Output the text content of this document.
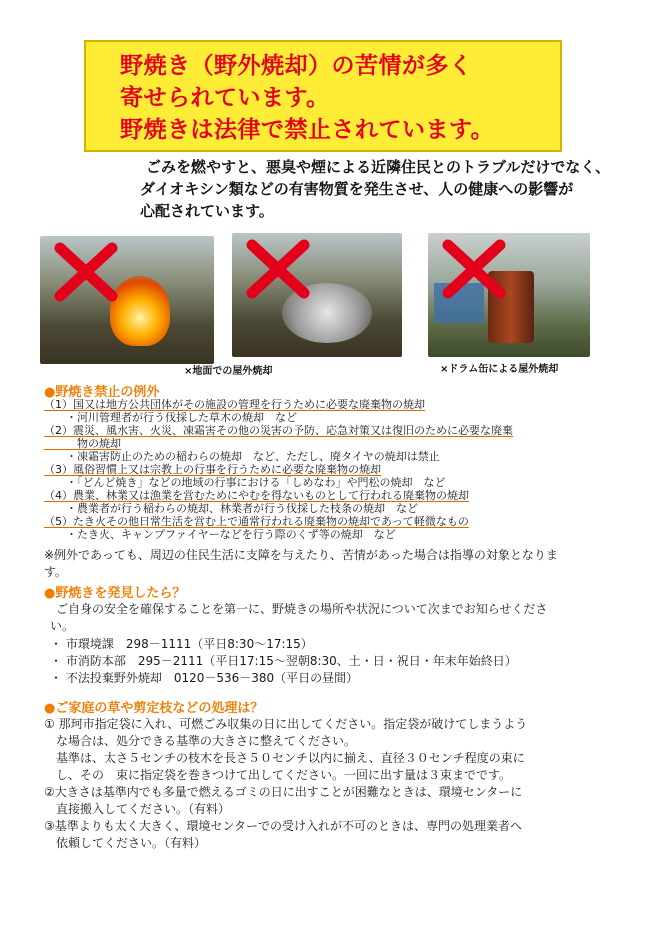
野焼き（野外焼却）の苦情が多く
寄せられています。
野焼きは法律で禁止されています。
ごみを燃やすと、悪臭や煙による近隣住民とのトラブルだけでなく、
ダイオキシン類などの有害物質を発生させ、人の健康への影響が
心配されています。
×地面での屋外焼却	×ドラム缶による屋外焼却
●野焼き禁止の例外
（1）国又は地方公共団体がその施設の管理を行うために必要な廃棄物の焼却
　　・河川管理者が行う伐採した草木の焼却　など
（2）震災、風水害、火災、凍霜害その他の災害の予防、応急対策又は復旧のために必要な廃棄
　　　物の焼却
　　・凍霜害防止のための稲わらの焼却　など、ただし、廃タイヤの焼却は禁止
（3）風俗習慣上又は宗教上の行事を行うために必要な廃棄物の焼却
　　・「どんど焼き」などの地域の行事における「しめなわ」や門松の焼却　など
（4）農業、林業又は漁業を営むためにやむを得ないものとして行われる廃棄物の焼却
　　・農業者が行う稲わらの焼却、林業者が行う伐採した枝条の焼却　など
（5）たき火その他日常生活を営む上で通常行われる廃棄物の焼却であって軽微なもの
　　・たき火、キャンプファイヤーなどを行う際のくず等の焼却　など
※例外であっても、周辺の住民生活に支障を与えたり、苦情があった場合は指導の対象となりま
す。
●野焼きを発見したら？
　ご自身の安全を確保することを第一に、野焼きの場所や状況について次までお知らせくださ
い。
・ 市環境課　298－1111（平日8:30～17:15）
・ 市消防本部　295－2111（平日17:15～翌朝8:30、土・日・祝日・年末年始終日）
・ 不法投棄野外焼却　0120－536－380（平日の昼間）
●ご家庭の草や剪定枝などの処理は？
① 那珂市指定袋に入れ、可燃ごみ収集の日に出してください。指定袋が破けてしまうよう
　な場合は、処分できる基準の大きさに整えてください。
　基準は、太さ５センチの枝木を長さ５０センチ以内に揃え、直径３０センチ程度の束に
　し、その　束に指定袋を巻きつけて出してください。一回に出す量は３束までです。
②大きさは基準内でも多量で燃えるゴミの日に出すことが困難なときは、環境センターに
　直接搬入してください。（有料）
③基準よりも太く大きく、環境センターでの受け入れが不可のときは、専門の処理業者へ
　依頼してください。（有料）
